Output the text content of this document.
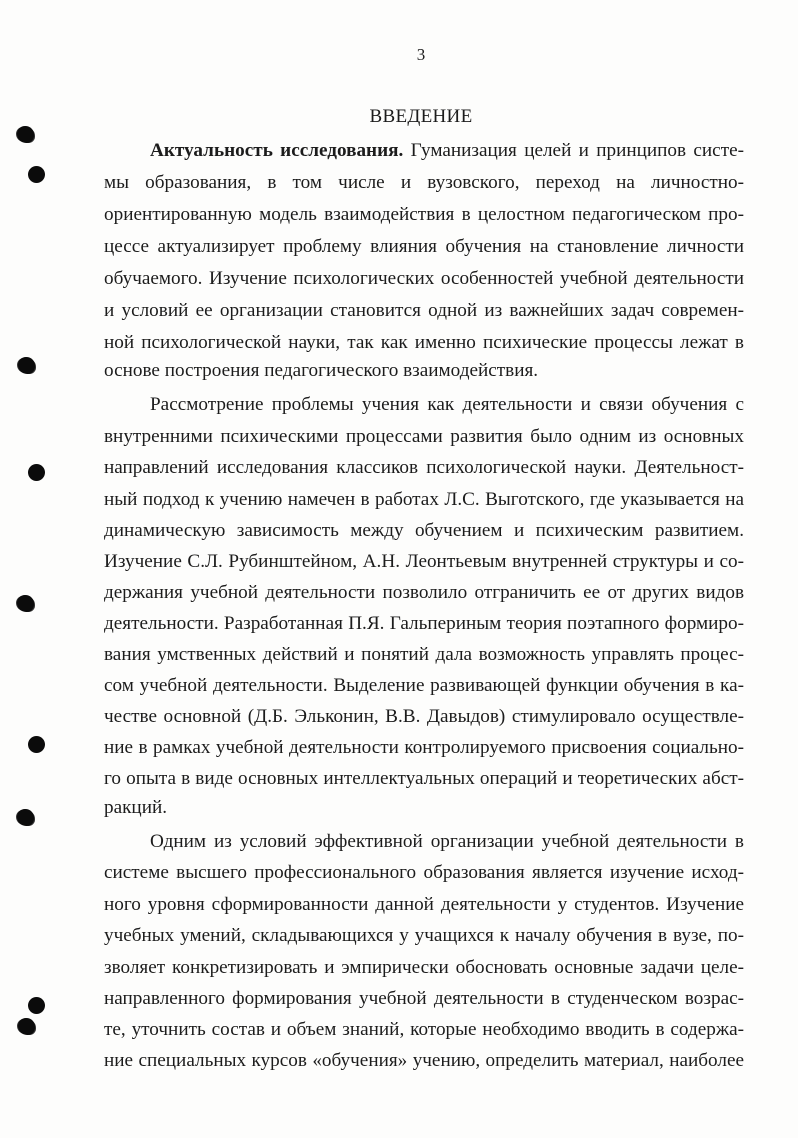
3
ВВЕДЕНИЕ
Актуальность исследования. Гуманизация целей и принципов систе-
мы образования, в том числе и вузовского, переход на личностно-
ориентированную модель взаимодействия в целостном педагогическом про-
цессе актуализирует проблему влияния обучения на становление личности
обучаемого. Изучение психологических особенностей учебной деятельности
и условий ее организации становится одной из важнейших задач современ-
ной психологической науки, так как именно психические процессы лежат в
основе построения педагогического взаимодействия.
Рассмотрение проблемы учения как деятельности и связи обучения с
внутренними психическими процессами развития было одним из основных
направлений исследования классиков психологической науки. Деятельност-
ный подход к учению намечен в работах Л.С. Выготского, где указывается на
динамическую зависимость между обучением и психическим развитием.
Изучение С.Л. Рубинштейном, А.Н. Леонтьевым внутренней структуры и со-
держания учебной деятельности позволило отграничить ее от других видов
деятельности. Разработанная П.Я. Гальпериным теория поэтапного формиро-
вания умственных действий и понятий дала возможность управлять процес-
сом учебной деятельности. Выделение развивающей функции обучения в ка-
честве основной (Д.Б. Эльконин, В.В. Давыдов) стимулировало осуществле-
ние в рамках учебной деятельности контролируемого присвоения социально-
го опыта в виде основных интеллектуальных операций и теоретических абст-
ракций.
Одним из условий эффективной организации учебной деятельности в
системе высшего профессионального образования является изучение исход-
ного уровня сформированности данной деятельности у студентов. Изучение
учебных умений, складывающихся у учащихся к началу обучения в вузе, по-
зволяет конкретизировать и эмпирически обосновать основные задачи целе-
направленного формирования учебной деятельности в студенческом возрас-
те, уточнить состав и объем знаний, которые необходимо вводить в содержа-
ние специальных курсов «обучения» учению, определить материал, наиболее
